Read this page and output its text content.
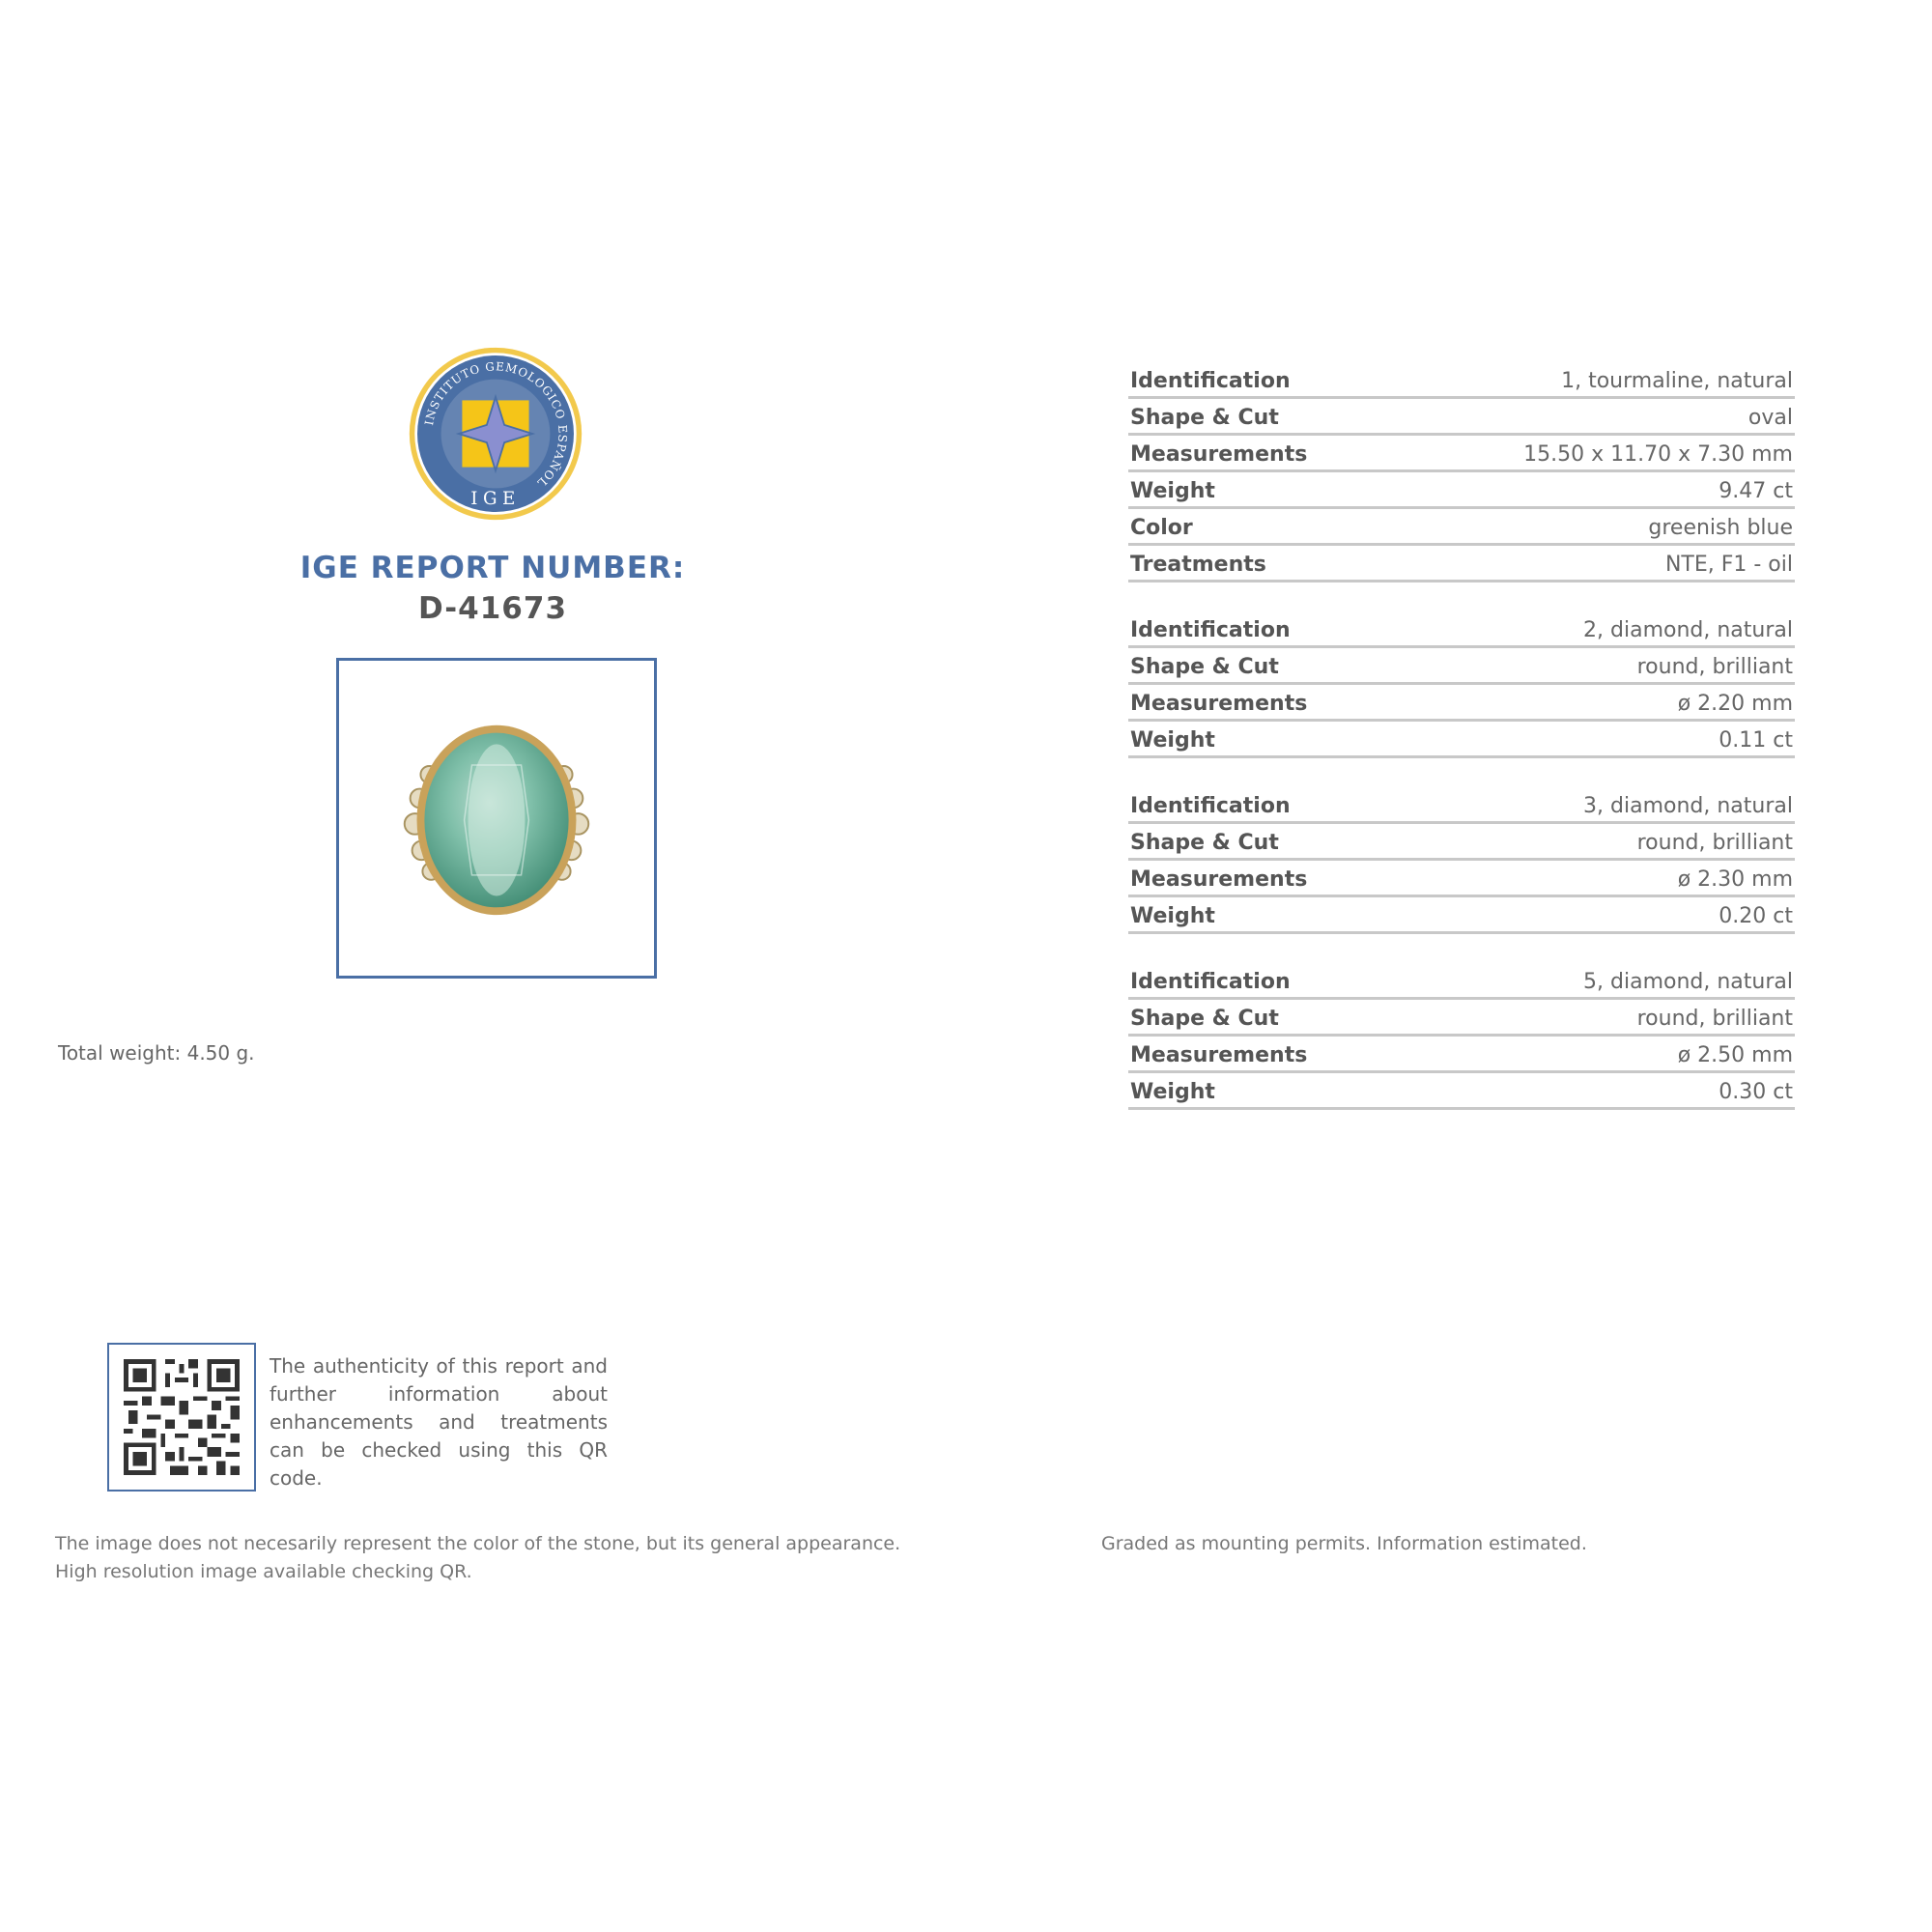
INSTITUTO GEMOLOGICO ESPAÑOL
IGE
IGE REPORT NUMBER:
D-41673
Total weight: 4.50 g.
Identification	1, tourmaline, natural
Shape & Cut	oval
Measurements	15.50 x 11.70 x 7.30 mm
Weight	9.47 ct
Color	greenish blue
Treatments	NTE, F1 - oil
Identification	2, diamond, natural
Shape & Cut	round, brilliant
Measurements	ø 2.20 mm
Weight	0.11 ct
Identification	3, diamond, natural
Shape & Cut	round, brilliant
Measurements	ø 2.30 mm
Weight	0.20 ct
Identification	5, diamond, natural
Shape & Cut	round, brilliant
Measurements	ø 2.50 mm
Weight	0.30 ct
The authenticity of this report and further information about enhancements and treatments can be checked using this QR code.
The image does not necesarily represent the color of the stone, but its general appearance.
High resolution image available checking QR.
Graded as mounting permits. Information estimated.
